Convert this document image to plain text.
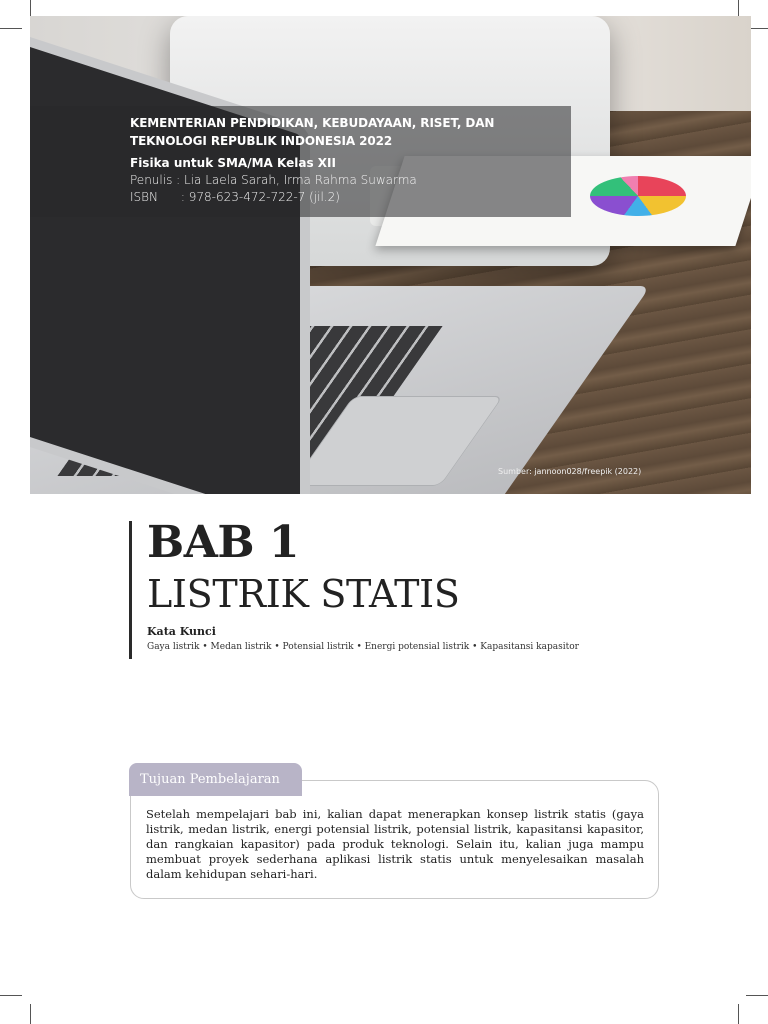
Sumber: jannoon028/freepik (2022)
KEMENTERIAN PENDIDIKAN, KEBUDAYAAN, RISET, DAN TEKNOLOGI REPUBLIK INDONESIA 2022
Fisika untuk SMA/MA Kelas XII
Penulis : Lia Laela Sarah, Irma Rahma Suwarma
ISBN      : 978-623-472-722-7 (jil.2)
BAB 1
LISTRIK STATIS
Kata Kunci
Gaya listrik • Medan listrik • Potensial listrik • Energi potensial listrik • Kapasitansi kapasitor
Tujuan Pembelajaran
Setelah mempelajari bab ini, kalian dapat menerapkan konsep listrik statis (gaya listrik, medan listrik, energi potensial listrik, potensial listrik, kapasitansi kapasitor, dan rangkaian kapasitor) pada produk teknologi. Selain itu, kalian juga mampu membuat proyek sederhana aplikasi listrik statis untuk menyelesaikan masalah dalam kehidupan sehari-hari.
